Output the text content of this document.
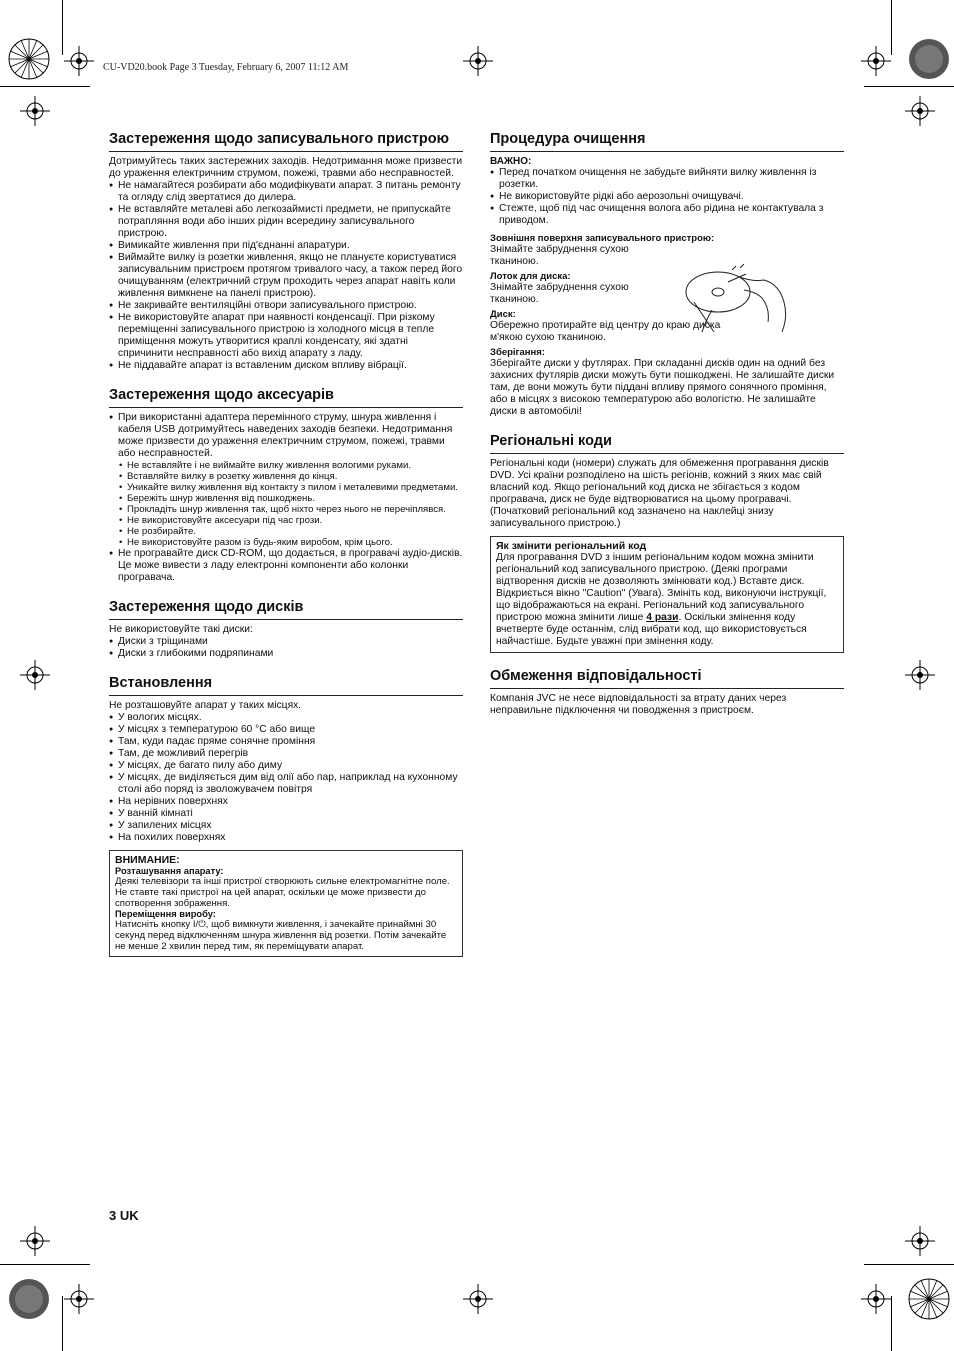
CU-VD20.book Page 3 Tuesday, February 6, 2007 11:12 AM
Застереження щодо записувального пристрою

Дотримуйтесь таких застережних заходів. Недотримання може призвести до ураження електричним струмом, пожежі, травми або несправностей.

● Не намагайтеся розбирати або модифікувати апарат. З питань ремонту та огляду слід звертатися до дилера.
● Не вставляйте металеві або легкозаймисті предмети, не припускайте потрапляння води або інших рідин всередину записувального пристрою.
● Вимикайте живлення при під'єднанні апаратури.
● Виймайте вилку із розетки живлення, якщо не плануєте користуватися записувальним пристроєм протягом тривалого часу, а також перед його очищуванням (електричний струм проходить через апарат навіть коли живлення вимкнене на панелі пристрою).
● Не закривайте вентиляційні отвори записувального пристрою.
● Не використовуйте апарат при наявності конденсації. При різкому переміщенні записувального пристрою із холодного місця в тепле приміщення можуть утворитися краплі конденсату, які здатні спричинити несправності або вихід апарату з ладу.
● Не піддавайте апарат із вставленим диском впливу вібрації.
Застереження щодо аксесуарів
● При використанні адаптера перемінного струму, шнура живлення і кабеля USB дотримуйтесь наведених заходів безпеки. Недотримання може призвести до ураження електричним струмом, пожежі, травми або несправностей.
• Не вставляйте і не виймайте вилку живлення вологими руками.
• Вставляйте вилку в розетку живлення до кінця.
• Уникайте вилку живлення від контакту з пилом і металевими предметами.
• Бережіть шнур живлення від пошкоджень.
• Прокладіть шнур живлення так, щоб ніхто через нього не перечіплявся.
• Не використовуйте аксесуари під час грози.
• Не розбирайте.
• Не використовуйте разом із будь-яким виробом, крім цього.
● Не програвайте диск CD-ROM, що додається, в програвачі аудіо-дисків. Це може вивести з ладу електронні компоненти або колонки програвача.
Застереження щодо дисків

Не використовуйте такі диски:

● Диски з тріщинами
● Диски з глибокими подряпинами
Встановлення

Не розташовуйте апарат у таких місцях.

● У вологих місцях.
● У місцях з температурою 60 °C або вище
● Там, куди падає пряме сонячне проміння
● Там, де можливий перегрів
● У місцях, де багато пилу або диму
● У місцях, де виділяється дим від олії або пар, наприклад на кухонному столі або поряд із зволожувачем повітря
● На нерівних поверхнях
● У ванній кімнаті
● У запилених місцях
● На похилих поверхнях
ВНИМАНИЕ:
Розташування апарату:

Деякі телевізори та інші пристрої створюють сильне електромагнітне поле. Не ставте такі пристрої на цей апарат, оскільки це може призвести до спотворення зображення.

Переміщення виробу:

Натисніть кнопку I/⏻, щоб вимкнути живлення, і зачекайте принаймні 30 секунд перед відключенням шнура живлення від розетки. Потім зачекайте не менше 2 хвилин перед тим, як переміщувати апарат.

Процедура очищення
ВАЖНО:
● Перед початком очищення не забудьте вийняти вилку живлення із розетки.
● Не використовуйте рідкі або аерозольні очищувачі.
● Стежте, щоб під час очищення волога або рідина не контактувала з приводом.
Зовнішня поверхня записувального пристрою:

Знімайте забруднення сухою тканиною.

Лоток для диска:

Знімайте забруднення сухою тканиною.

Диск:

Обережно протирайте від центру до краю диска м'якою сухою тканиною.

Зберігання:

Зберігайте диски у футлярах. При складанні дисків один на одний без захисних футлярів диски можуть бути пошкоджені. Не залишайте диски там, де вони можуть бути піддані впливу прямого сонячного проміння, або в місцях з високою температурою або вологістю. Не залишайте диски в автомобілі!

Регіональні коди

Регіональні коди (номери) служать для обмеження програвання дисків DVD. Усі країни розподілено на шість регіонів, кожний з яких має свій власний код. Якщо регіональний код диска не збігається з кодом програвача, диск не буде відтворюватися на цьому програвачі. (Початковий регіональний код зазначено на наклейці знизу записувального пристрою.)

Як змінити регіональний код

Для програвання DVD з іншим регіональним кодом можна змінити регіональний код записувального пристрою. (Деякі програми відтворення дисків не дозволяють змінювати код.) Вставте диск. Відкриється вікно "Caution" (Увага). Змініть код, виконуючи інструкції, що відображаються на екрані. Регіональний код записувального пристрою можна змінити лише 4 рази. Оскільки змінення коду вчетверте буде останнім, слід вибрати код, що використовується найчастіше. Будьте уважні при змінення коду.

Обмеження відповідальності

Компанія JVC не несе відповідальності за втрату даних через неправильне підключення чи поводження з пристроєм.

3 UK
